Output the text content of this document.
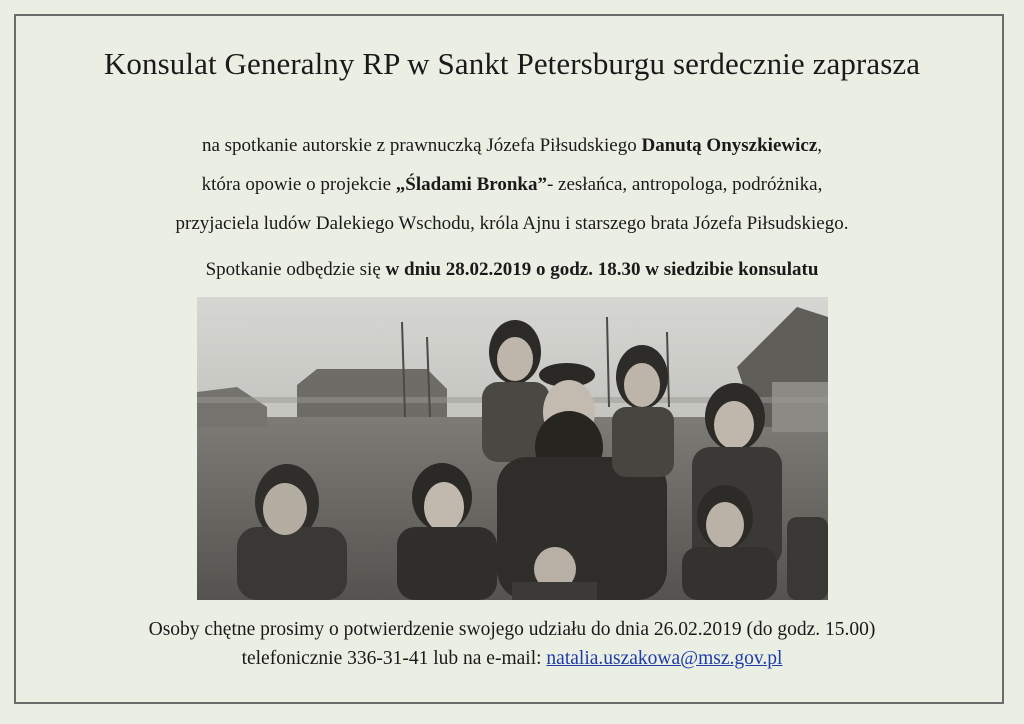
Konsulat Generalny RP w Sankt Petersburgu serdecznie zaprasza
na spotkanie autorskie z prawnuczką Józefa Piłsudskiego Danutą Onyszkiewicz,
która opowie o projekcie „Śladami Bronka”- zesłańca, antropologa, podróżnika,
przyjaciela ludów Dalekiego Wschodu, króla Ajnu i starszego brata Józefa Piłsudskiego.
Spotkanie odbędzie się w dniu 28.02.2019 o godz. 18.30 w siedzibie konsulatu
Osoby chętne prosimy o potwierdzenie swojego udziału do dnia 26.02.2019 (do godz. 15.00)
telefonicznie 336-31-41 lub na e-mail: natalia.uszakowa@msz.gov.pl
